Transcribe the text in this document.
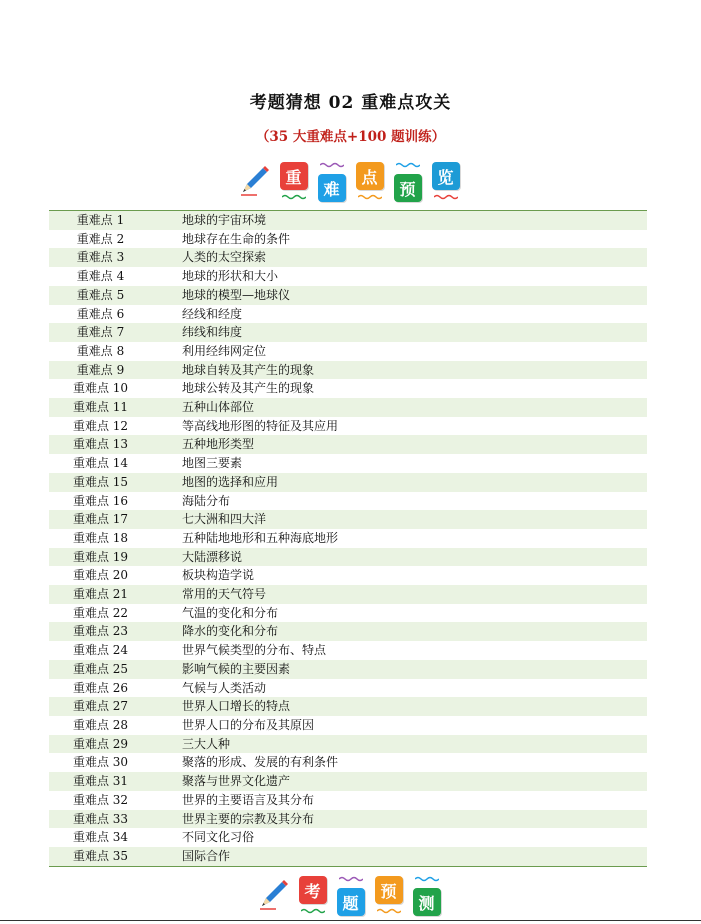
考题猜想 02 重难点攻关
（35 大重难点+100 题训练）
重
难
点
预
览
重难点 1		地球的宇宙环境
重难点 2		地球存在生命的条件
重难点 3		人类的太空探索
重难点 4		地球的形状和大小
重难点 5		地球的模型—地球仪
重难点 6		经线和经度
重难点 7		纬线和纬度
重难点 8		利用经纬网定位
重难点 9		地球自转及其产生的现象
重难点 10		地球公转及其产生的现象
重难点 11		五种山体部位
重难点 12		等高线地形图的特征及其应用
重难点 13		五种地形类型
重难点 14		地图三要素
重难点 15		地图的选择和应用
重难点 16		海陆分布
重难点 17		七大洲和四大洋
重难点 18		五种陆地地形和五种海底地形
重难点 19		大陆漂移说
重难点 20		板块构造学说
重难点 21		常用的天气符号
重难点 22		气温的变化和分布
重难点 23		降水的变化和分布
重难点 24		世界气候类型的分布、特点
重难点 25		影响气候的主要因素
重难点 26		气候与人类活动
重难点 27		世界人口增长的特点
重难点 28		世界人口的分布及其原因
重难点 29		三大人种
重难点 30		聚落的形成、发展的有利条件
重难点 31		聚落与世界文化遗产
重难点 32		世界的主要语言及其分布
重难点 33		世界主要的宗教及其分布
重难点 34		不同文化习俗
重难点 35		国际合作
考
题
预
测
